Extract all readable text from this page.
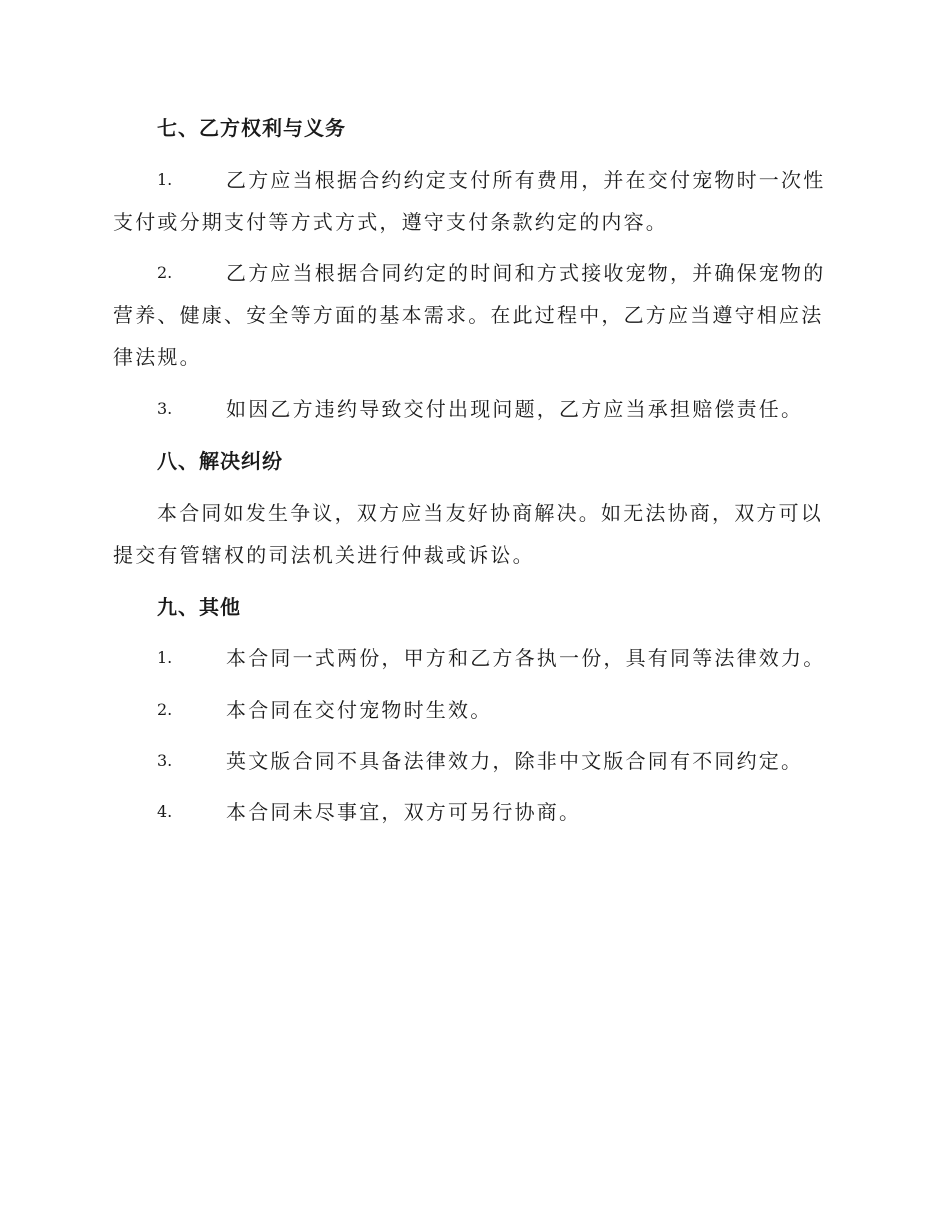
七、乙方权利与义务
1.	乙方应当根据合约约定支付所有费用，并在交付宠物时一次性支付或分期支付等方式方式，遵守支付条款约定的内容。
2.	乙方应当根据合同约定的时间和方式接收宠物，并确保宠物的营养、健康、安全等方面的基本需求。在此过程中，乙方应当遵守相应法律法规。
3.	如因乙方违约导致交付出现问题，乙方应当承担赔偿责任。
八、解决纠纷
本合同如发生争议，双方应当友好协商解决。如无法协商，双方可以提交有管辖权的司法机关进行仲裁或诉讼。
九、其他
1.	本合同一式两份，甲方和乙方各执一份，具有同等法律效力。
2.	本合同在交付宠物时生效。
3.	英文版合同不具备法律效力，除非中文版合同有不同约定。
4.	本合同未尽事宜，双方可另行协商。
